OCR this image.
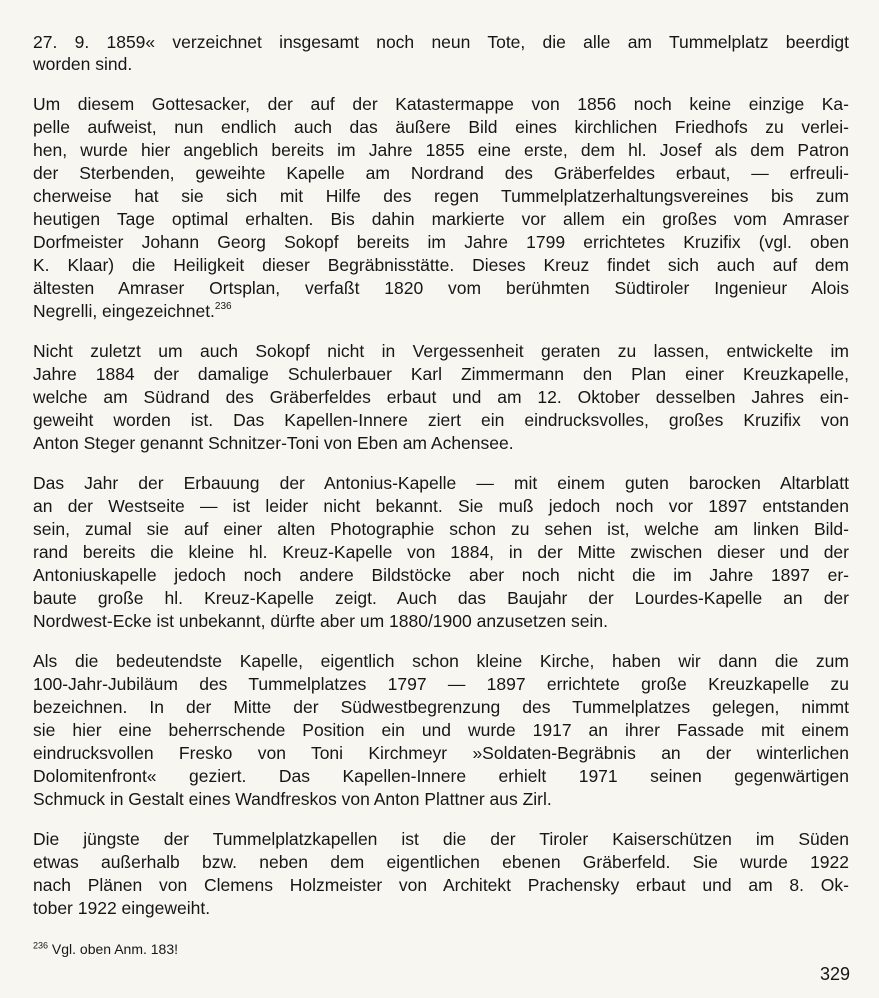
27. 9. 1859« verzeichnet insgesamt noch neun Tote, die alle am Tummelplatz beerdigt
worden sind.
Um diesem Gottesacker, der auf der Katastermappe von 1856 noch keine einzige Ka-
pelle aufweist, nun endlich auch das äußere Bild eines kirchlichen Friedhofs zu verlei-
hen, wurde hier angeblich bereits im Jahre 1855 eine erste, dem hl. Josef als dem Patron
der Sterbenden, geweihte Kapelle am Nordrand des Gräberfeldes erbaut, — erfreuli-
cherweise hat sie sich mit Hilfe des regen Tummelplatzerhaltungsvereines bis zum
heutigen Tage optimal erhalten. Bis dahin markierte vor allem ein großes vom Amraser
Dorfmeister Johann Georg Sokopf bereits im Jahre 1799 errichtetes Kruzifix (vgl. oben
K. Klaar) die Heiligkeit dieser Begräbnisstätte. Dieses Kreuz findet sich auch auf dem
ältesten Amraser Ortsplan, verfaßt 1820 vom berühmten Südtiroler Ingenieur Alois
Negrelli, eingezeichnet.$^{236}$
Nicht zuletzt um auch Sokopf nicht in Vergessenheit geraten zu lassen, entwickelte im
Jahre 1884 der damalige Schulerbauer Karl Zimmermann den Plan einer Kreuzkapelle,
welche am Südrand des Gräberfeldes erbaut und am 12. Oktober desselben Jahres ein-
geweiht worden ist. Das Kapellen-Innere ziert ein eindrucksvolles, großes Kruzifix von
Anton Steger genannt Schnitzer-Toni von Eben am Achensee.
Das Jahr der Erbauung der Antonius-Kapelle — mit einem guten barocken Altarblatt
an der Westseite — ist leider nicht bekannt. Sie muß jedoch noch vor 1897 entstanden
sein, zumal sie auf einer alten Photographie schon zu sehen ist, welche am linken Bild-
rand bereits die kleine hl. Kreuz-Kapelle von 1884, in der Mitte zwischen dieser und der
Antoniuskapelle jedoch noch andere Bildstöcke aber noch nicht die im Jahre 1897 er-
baute große hl. Kreuz-Kapelle zeigt. Auch das Baujahr der Lourdes-Kapelle an der
Nordwest-Ecke ist unbekannt, dürfte aber um 1880/1900 anzusetzen sein.
Als die bedeutendste Kapelle, eigentlich schon kleine Kirche, haben wir dann die zum
100-Jahr-Jubiläum des Tummelplatzes 1797 — 1897 errichtete große Kreuzkapelle zu
bezeichnen. In der Mitte der Südwestbegrenzung des Tummelplatzes gelegen, nimmt
sie hier eine beherrschende Position ein und wurde 1917 an ihrer Fassade mit einem
eindrucksvollen Fresko von Toni Kirchmeyr »Soldaten-Begräbnis an der winterlichen
Dolomitenfront« geziert. Das Kapellen-Innere erhielt 1971 seinen gegenwärtigen
Schmuck in Gestalt eines Wandfreskos von Anton Plattner aus Zirl.
Die jüngste der Tummelplatzkapellen ist die der Tiroler Kaiserschützen im Süden
etwas außerhalb bzw. neben dem eigentlichen ebenen Gräberfeld. Sie wurde 1922
nach Plänen von Clemens Holzmeister von Architekt Prachensky erbaut und am 8. Ok-
tober 1922 eingeweiht.
$^{236}$ Vgl. oben Anm. 183!
329
